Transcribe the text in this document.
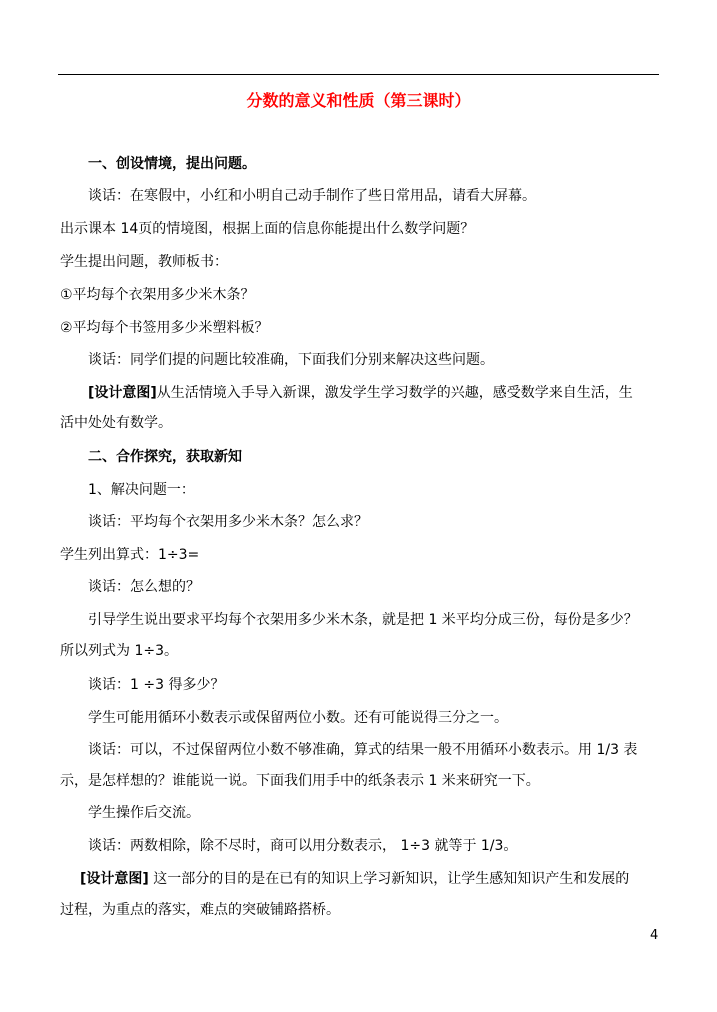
分数的意义和性质（第三课时）
一、创设情境，提出问题。
谈话：在寒假中，小红和小明自己动手制作了些日常用品，请看大屏幕。
出示课本 14页的情境图，根据上面的信息你能提出什么数学问题？
学生提出问题，教师板书：
①平均每个衣架用多少米木条？
②平均每个书签用多少米塑料板？
谈话：同学们提的问题比较准确，下面我们分别来解决这些问题。
[设计意图]从生活情境入手导入新课，激发学生学习数学的兴趣，感受数学来自生活，生
活中处处有数学。
二、合作探究，获取新知
1、解决问题一：
谈话：平均每个衣架用多少米木条？怎么求？
学生列出算式：1÷3=
谈话：怎么想的？
引导学生说出要求平均每个衣架用多少米木条，就是把 1 米平均分成三份，每份是多少？
所以列式为 1÷3。
谈话：1 ÷3 得多少？
学生可能用循环小数表示或保留两位小数。还有可能说得三分之一。
谈话：可以，不过保留两位小数不够准确，算式的结果一般不用循环小数表示。用 1/3 表
示，是怎样想的？谁能说一说。下面我们用手中的纸条表示 1 米来研究一下。
学生操作后交流。
谈话：两数相除，除不尽时，商可以用分数表示， 1÷3 就等于 1/3。
[设计意图] 这一部分的目的是在已有的知识上学习新知识，让学生感知知识产生和发展的
过程，为重点的落实，难点的突破铺路搭桥。
4
